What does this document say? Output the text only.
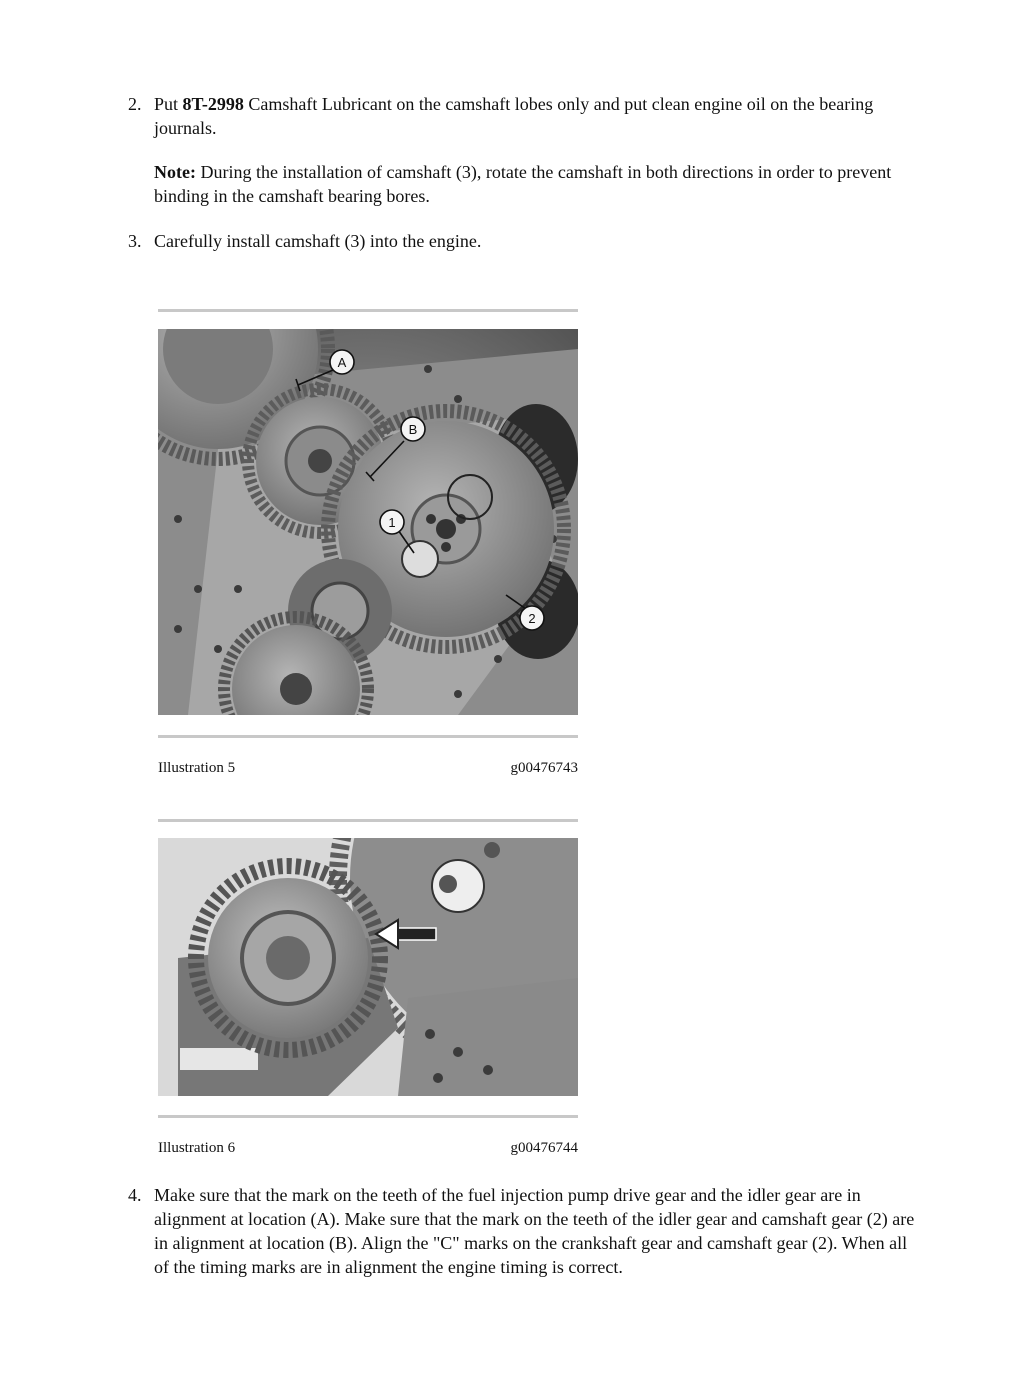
2. Put 8T-2998 Camshaft Lubricant on the camshaft lobes only and put clean engine oil on the bearing journals.
Note: During the installation of camshaft (3), rotate the camshaft in both directions in order to prevent binding in the camshaft bearing bores.
3. Carefully install camshaft (3) into the engine.
A
B
1
2
Illustration 5	g00476743
Illustration 6	g00476744
4. Make sure that the mark on the teeth of the fuel injection pump drive gear and the idler gear are in alignment at location (A). Make sure that the mark on the teeth of the idler gear and camshaft gear (2) are in alignment at location (B). Align the "C" marks on the crankshaft gear and camshaft gear (2). When all of the timing marks are in alignment the engine timing is correct.
